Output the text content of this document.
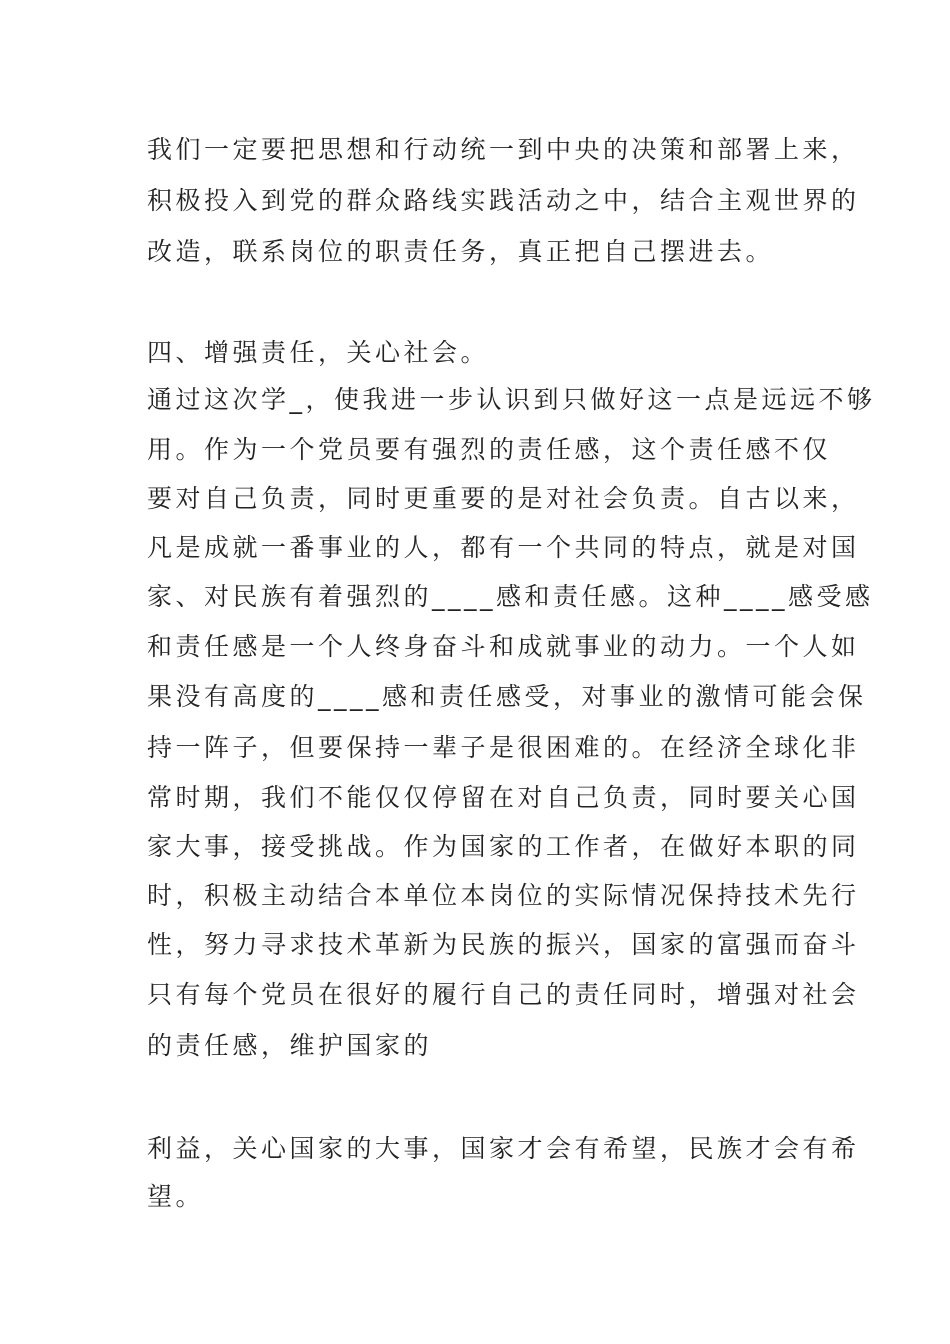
我们一定要把思想和行动统一到中央的决策和部署上来，
积极投入到党的群众路线实践活动之中，结合主观世界的
改造，联系岗位的职责任务，真正把自己摆进去。
四、增强责任，关心社会。
通过这次学_，使我进一步认识到只做好这一点是远远不够
用。作为一个党员要有强烈的责任感，这个责任感不仅
要对自己负责，同时更重要的是对社会负责。自古以来，
凡是成就一番事业的人，都有一个共同的特点，就是对国
家、对民族有着强烈的____感和责任感。这种____感受感
和责任感是一个人终身奋斗和成就事业的动力。一个人如
果没有高度的____感和责任感受，对事业的激情可能会保
持一阵子，但要保持一辈子是很困难的。在经济全球化非
常时期，我们不能仅仅停留在对自己负责，同时要关心国
家大事，接受挑战。作为国家的工作者，在做好本职的同
时，积极主动结合本单位本岗位的实际情况保持技术先行
性，努力寻求技术革新为民族的振兴，国家的富强而奋斗
只有每个党员在很好的履行自己的责任同时，增强对社会
的责任感，维护国家的
利益，关心国家的大事，国家才会有希望，民族才会有希
望。
